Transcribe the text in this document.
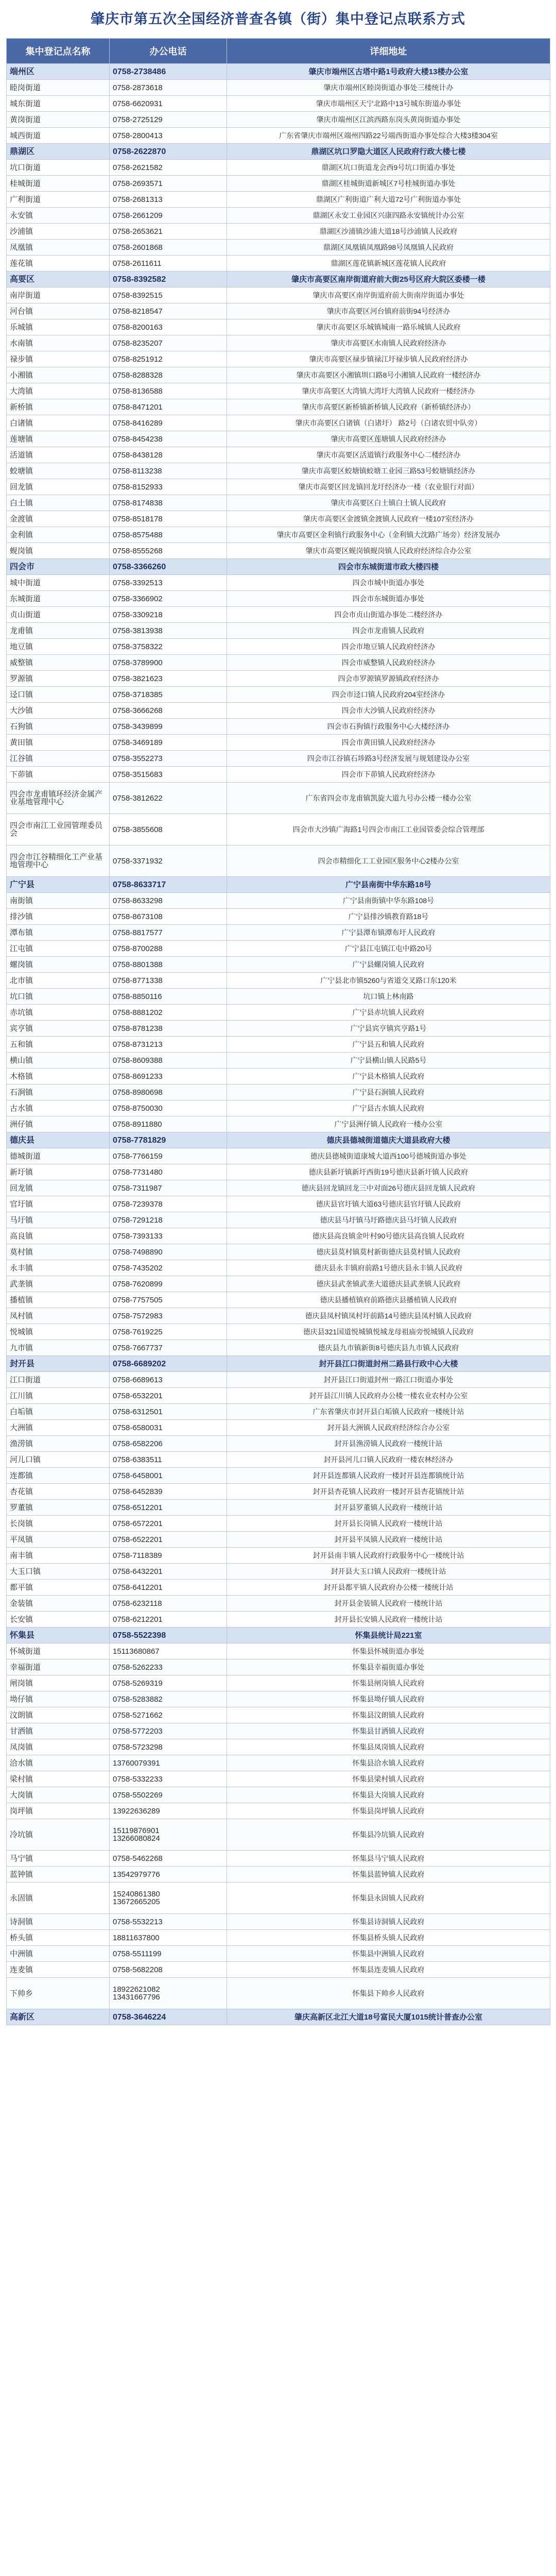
肇庆市第五次全国经济普查各镇（街）集中登记点联系方式
集中登记点名称	办公电话	详细地址
端州区	0758-2738486	肇庆市端州区古塔中路1号政府大楼13楼办公室
睦岗街道	0758-2873618	肇庆市端州区睦岗街道办事处三楼统计办
城东街道	0758-6620931	肇庆市端州区天宁北路中13号城东街道办事处
黄岗街道	0758-2725129	肇庆市端州区江滨西路东岗头黄岗街道办事处
城西街道	0758-2800413	广东省肇庆市端州区端州四路22号端西街道办事处综合大楼3楼304室
鼎湖区	0758-2622870	鼎湖区坑口罗隐大道区人民政府行政大楼七楼
坑口街道	0758-2621582	鼎湖区坑口街道龙会西9号坑口街道办事处
桂城街道	0758-2693571	鼎湖区桂城街道新城区7号桂城街道办事处
广利街道	0758-2681313	鼎湖区广利街道广利大道72号广利街道办事处
永安镇	0758-2661209	鼎湖区永安工业园区兴康四路永安镇统计办公室
沙浦镇	0758-2653621	鼎湖区沙浦镇沙浦大道18号沙浦镇人民政府
凤凰镇	0758-2601868	鼎湖区凤凰镇凤凰路98号凤凰镇人民政府
莲花镇	0758-2611611	鼎湖区莲花镇新城区莲花镇人民政府
高要区	0758-8392582	肇庆市高要区南岸街道府前大街25号区府大院区委楼一楼
南岸街道	0758-8392515	肇庆市高要区南岸街道府前大街南岸街道办事处
河台镇	0758-8218547	肇庆市高要区河台镇府前街94号经济办
乐城镇	0758-8200163	肇庆市高要区乐城镇城南一路乐城镇人民政府
水南镇	0758-8235207	肇庆市高要区水南镇人民政府经济办
禄步镇	0758-8251912	肇庆市高要区禄步镇禄江圩禄步镇人民政府经济办
小湘镇	0758-8288328	肇庆市高要区小湘镇圳口路8号小湘镇人民政府一楼经济办
大湾镇	0758-8136588	肇庆市高要区大湾镇大湾圩大湾镇人民政府一楼经济办
新桥镇	0758-8471201	肇庆市高要区新桥镇新桥镇人民政府（新桥镇经济办）
白诸镇	0758-8416289	肇庆市高要区白诸镇（白诸圩） 路2号（白诸农贸中队旁）
莲塘镇	0758-8454238	肇庆市高要区莲塘镇人民政府经济办
活道镇	0758-8438128	肇庆市高要区活道镇行政服务中心二楼经济办
蛟塘镇	0758-8113238	肇庆市高要区蛟塘镇蛟塘工业园三路53号蛟塘镇经济办
回龙镇	0758-8152933	肇庆市高要区回龙镇回龙圩经济办一楼（农业银行对面）
白土镇	0758-8174838	肇庆市高要区白土镇白土镇人民政府
金渡镇	0758-8518178	肇庆市高要区金渡镇金渡镇人民政府一楼107室经济办
金利镇	0758-8575488	肇庆市高要区金利镇行政服务中心（金利镇大沈路广场旁）经济发展办
蚬岗镇	0758-8555268	肇庆市高要区蚬岗镇蚬岗镇人民政府经济综合办公室
四会市	0758-3366260	四会市东城街道市政大楼四楼
城中街道	0758-3392513	四会市城中街道办事处
东城街道	0758-3366902	四会市东城街道办事处
贞山街道	0758-3309218	四会市贞山街道办事处二楼经济办
龙甫镇	0758-3813938	四会市龙甫镇人民政府
地豆镇	0758-3758322	四会市地豆镇人民政府经济办
威整镇	0758-3789900	四会市威整镇人民政府经济办
罗源镇	0758-3821623	四会市罗源镇罗源镇政府经济办
迳口镇	0758-3718385	四会市迳口镇人民政府204室经济办
大沙镇	0758-3666268	四会市大沙镇人民政府经济办
石狗镇	0758-3439899	四会市石狗镇行政服务中心大楼经济办
黄田镇	0758-3469189	四会市黄田镇人民政府经济办
江谷镇	0758-3552273	四会市江谷镇石埗路3号经济发展与规划建设办公室
下茆镇	0758-3515683	四会市下茆镇人民政府经济办
四会市龙甫镇环经济金属产业基地管理中心	0758-3812622	广东省四会市龙甫镇凯旋大道九号办公楼一楼办公室
四会市南江工业园管理委员会	0758-3855608	四会市大沙镇广海路1号四会市南江工业园管委会综合管理部
四会市江谷精细化工产业基地管理中心	0758-3371932	四会市精细化工工业园区服务中心2楼办公室
广宁县	0758-8633717	广宁县南街中华东路18号
南街镇	0758-8633298	广宁县南街镇中华东路108号
排沙镇	0758-8673108	广宁县排沙镇教育路18号
潭布镇	0758-8817577	广宁县潭布镇潭布圩人民政府
江屯镇	0758-8700288	广宁县江屯镇江屯中路20号
螺岗镇	0758-8801388	广宁县螺岗镇人民政府
北市镇	0758-8771338	广宁县北市镇5260与省道交叉路口东120米
坑口镇	0758-8850116	坑口镇上林南路
赤坑镇	0758-8881202	广宁县赤坑镇人民政府
宾亨镇	0758-8781238	广宁县宾亨镇宾亨路1号
五和镇	0758-8731213	广宁县五和镇人民政府
横山镇	0758-8609388	广宁县横山镇人民路5号
木格镇	0758-8691233	广宁县木格镇人民政府
石涧镇	0758-8980698	广宁县石涧镇人民政府
古水镇	0758-8750030	广宁县古水镇人民政府
洲仔镇	0758-8911880	广宁县洲仔镇人民政府一楼办公室
德庆县	0758-7781829	德庆县德城街道德庆大道县政府大楼
德城街道	0758-7766159	德庆县德城街道康城大道西100号德城街道办事处
新圩镇	0758-7731480	德庆县新圩镇新圩西街19号德庆县新圩镇人民政府
回龙镇	0758-7311987	德庆县回龙镇回龙三中对面26号德庆县回龙镇人民政府
官圩镇	0758-7239378	德庆县官圩镇大道63号德庆县官圩镇人民政府
马圩镇	0758-7291218	德庆县马圩镇马圩路德庆县马圩镇人民政府
高良镇	0758-7393133	德庆县高良镇金叶村90号德庆县高良镇人民政府
莫村镇	0758-7498890	德庆县莫村镇莫村新街德庆县莫村镇人民政府
永丰镇	0758-7435202	德庆县永丰镇府前路1号德庆县永丰镇人民政府
武垄镇	0758-7620899	德庆县武垄镇武垄大道德庆县武垄镇人民政府
播植镇	0758-7757505	德庆县播植镇府前路德庆县播植镇人民政府
凤村镇	0758-7572983	德庆县凤村镇凤村圩前路14号德庆县凤村镇人民政府
悦城镇	0758-7619225	德庆县321国道悦城镇悦城龙母祖庙旁悦城镇人民政府
九市镇	0758-7667737	德庆县九市镇新街8号德庆县九市镇人民政府
封开县	0758-6689202	封开县江口街道封州二路县行政中心大楼
江口街道	0758-6689613	封开县江口街道封州一路江口街道办事处
江川镇	0758-6532201	封开县江川镇人民政府办公楼一楼农业农村办公室
白垢镇	0758-6312501	广东省肇庆市封开县白垢镇人民政府一楼统计站
大洲镇	0758-6580031	封开县大洲镇人民政府经济综合办公室
渔涝镇	0758-6582206	封开县渔涝镇人民政府一楼统计站
河儿口镇	0758-6383511	封开县河儿口镇人民政府一楼农林经济办
连都镇	0758-6458001	封开县连都镇人民政府一楼封开县连都镇统计站
杏花镇	0758-6452839	封开县杏花镇人民政府一楼封开县杏花镇统计站
罗董镇	0758-6512201	封开县罗董镇人民政府一楼统计站
长岗镇	0758-6572201	封开县长岗镇人民政府一楼统计站
平凤镇	0758-6522201	封开县平凤镇人民政府一楼统计站
南丰镇	0758-7118389	封开县南丰镇人民政府行政服务中心一楼统计站
大玉口镇	0758-6432201	封开县大玉口镇人民政府一楼统计站
都平镇	0758-6412201	封开县都平镇人民政府办公楼一楼统计站
金装镇	0758-6232118	封开县金装镇人民政府一楼统计站
长安镇	0758-6212201	封开县长安镇人民政府一楼统计站
怀集县	0758-5522398	怀集县统计局221室
怀城街道	15113680867	怀集县怀城街道办事处
幸福街道	0758-5262233	怀集县幸福街道办事处
闸岗镇	0758-5269319	怀集县闸岗镇人民政府
坳仔镇	0758-5283882	怀集县坳仔镇人民政府
汶朗镇	0758-5271662	怀集县汶朗镇人民政府
甘洒镇	0758-5772203	怀集县甘洒镇人民政府
凤岗镇	0758-5723298	怀集县凤岗镇人民政府
洽水镇	13760079391	怀集县洽水镇人民政府
梁村镇	0758-5332233	怀集县梁村镇人民政府
大岗镇	0758-5502269	怀集县大岗镇人民政府
岗坪镇	13922636289	怀集县岗坪镇人民政府
冷坑镇	15119876901
13266080824	怀集县冷坑镇人民政府
马宁镇	0758-5462268	怀集县马宁镇人民政府
蓝钟镇	13542979776	怀集县蓝钟镇人民政府
永固镇	15240861380
13672665205	怀集县永固镇人民政府
诗洞镇	0758-5532213	怀集县诗洞镇人民政府
桥头镇	18811637800	怀集县桥头镇人民政府
中洲镇	0758-5511199	怀集县中洲镇人民政府
连麦镇	0758-5682208	怀集县连麦镇人民政府
下帅乡	18922621082
13431667796	怀集县下帅乡人民政府
高新区	0758-3646224	肇庆高新区北江大道18号富民大厦1015统计普查办公室
